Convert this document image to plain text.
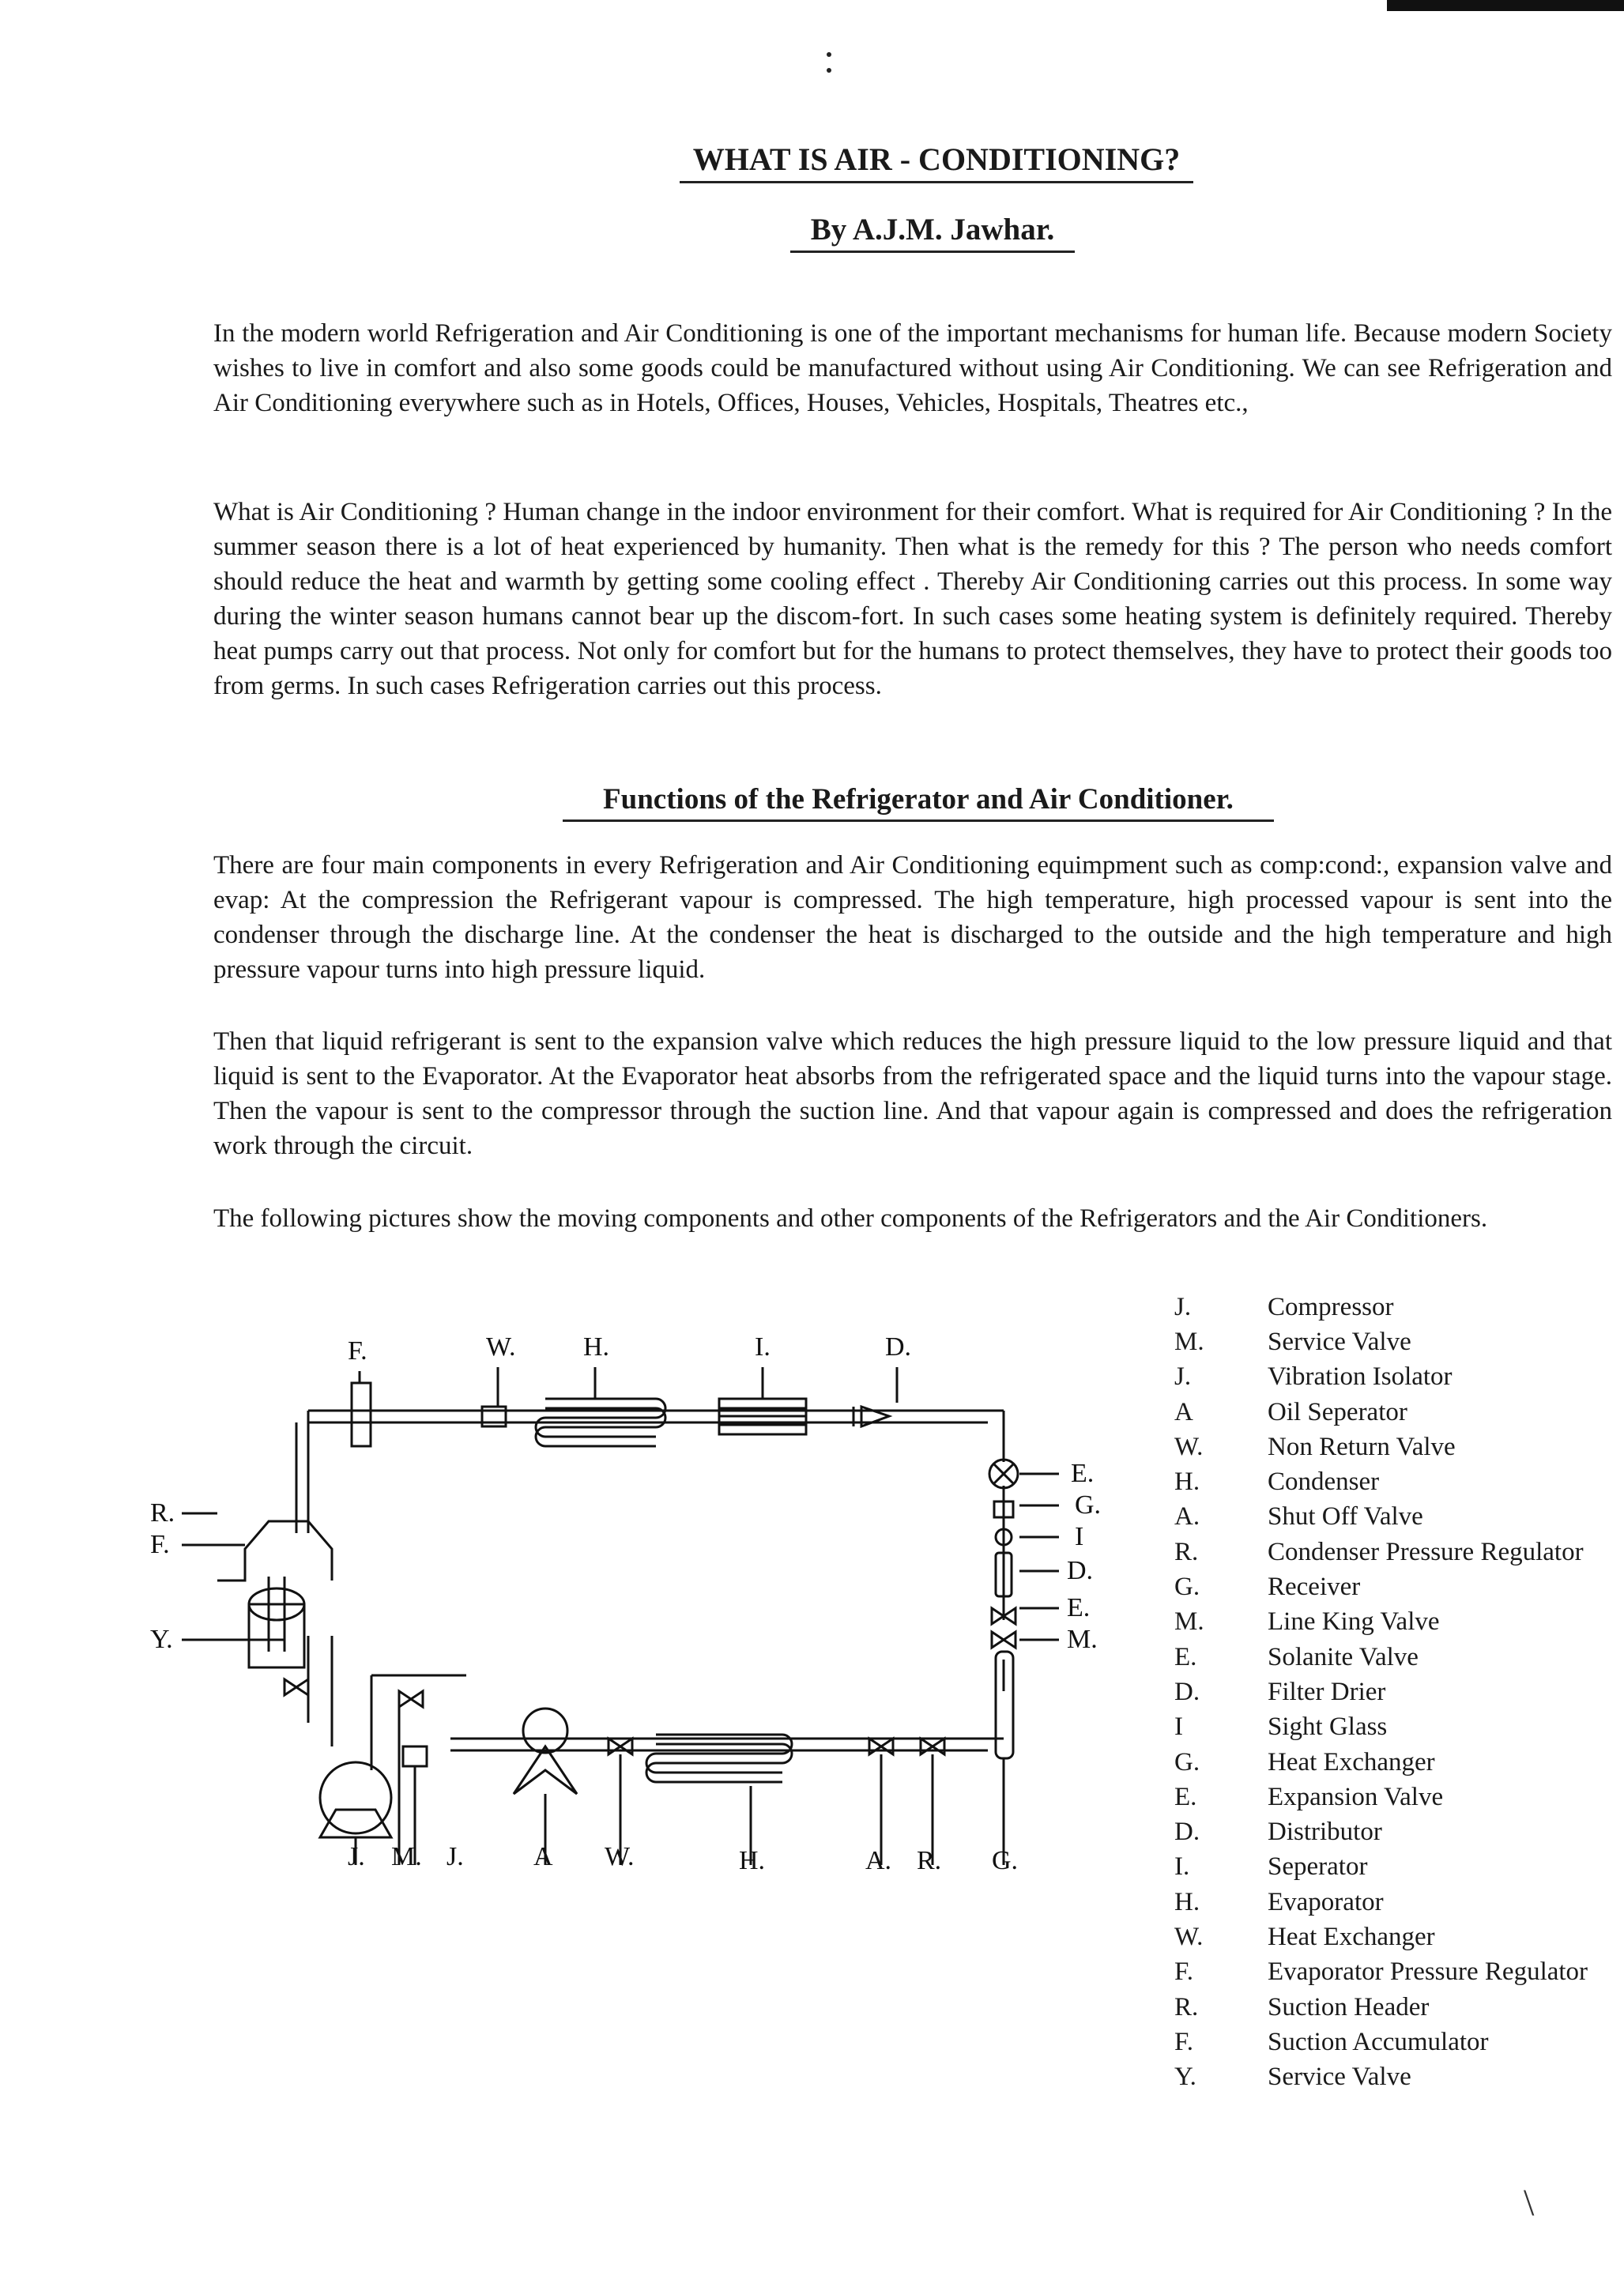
WHAT IS AIR - CONDITIONING?
By A.J.M. Jawhar.
In the modern world Refrigeration and Air Conditioning is one of the important mechanisms for human life. Because modern Society wishes to live in comfort and also some goods could be manufactured without using Air Conditioning. We can see Refrigeration and Air Conditioning everywhere such as in Hotels, Offices, Houses, Vehicles, Hospitals, Theatres etc.,
What is Air Conditioning ? Human change in the indoor environment for their comfort. What is required for Air Conditioning ? In the summer season there is a lot of heat experienced by humanity. Then what is the remedy for this ? The person who needs comfort should reduce the heat and warmth by getting some cooling effect . Thereby Air Conditioning carries out this process. In some way during the winter season humans cannot bear up the discom-fort. In such cases some heating system is definitely required. Thereby heat pumps carry out that process. Not only for comfort but for the humans to protect themselves, they have to protect their goods too from germs. In such cases Refrigeration carries out this process.
Functions of the Refrigerator and Air Conditioner.
There are four main components in every Refrigeration and Air Conditioning equimpment such as comp:cond:, expansion valve and evap: At the compression the Refrigerant vapour is compressed. The high temperature, high processed vapour is sent into the condenser through the discharge line. At the condenser the heat is discharged to the outside and the high temperature and high pressure vapour turns into high pressure liquid.
Then that liquid refrigerant is sent to the expansion valve which reduces the high pressure liquid to the low pressure liquid and that liquid is sent to the Evaporator. At the Evaporator heat absorbs from the refrigerated space and the liquid turns into the vapour stage. Then the vapour is sent to the compressor through the suction line. And that vapour again is compressed and does the refrigeration work through the circuit.
The following pictures show the moving components and other components of the Refrigerators and the Air Conditioners.
F.	W.	H.	I.	D.
R.
F.
Y.
E.
G.
I
D.
E.
M.
J. M. J.	A W.	H.	A. R. G.
J.	Compressor
M.	Service Valve
J.	Vibration Isolator
A	Oil Seperator
W.	Non Return Valve
H.	Condenser
A.	Shut Off Valve
R.	Condenser Pressure Regulator
G.	Receiver
M.	Line King Valve
E.	Solanite Valve
D.	Filter Drier
I	Sight Glass
G.	Heat Exchanger
E.	Expansion Valve
D.	Distributor
I.	Seperator
H.	Evaporator
W.	Heat Exchanger
F.	Evaporator Pressure Regulator
R.	Suction Header
F.	Suction Accumulator
Y.	Service Valve
\
